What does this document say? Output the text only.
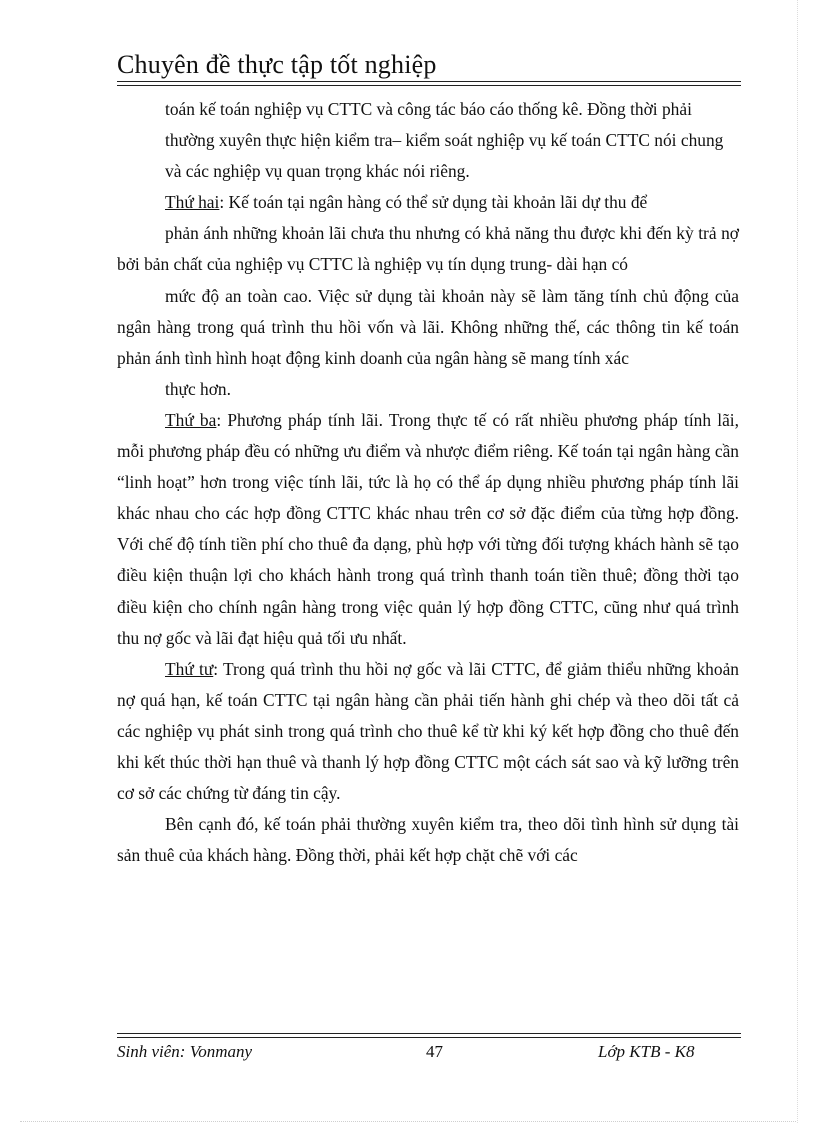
Chuyên đề thực tập tốt nghiệp

toán kế toán nghiệp vụ CTTC và công tác báo cáo thống kê. Đồng thời phải

thường xuyên thực hiện kiểm tra– kiểm soát nghiệp vụ kế toán CTTC nói chung

và các nghiệp vụ quan trọng khác nói riêng.

Thứ hai: Kế toán tại ngân hàng có thể sử dụng tài khoản lãi dự thu để

phản ánh những khoản lãi chưa thu nhưng có khả năng thu được khi đến kỳ trả nợ bởi bản chất của nghiệp vụ CTTC là nghiệp vụ tín dụng trung- dài hạn có

mức độ an toàn cao. Việc sử dụng tài khoản này sẽ làm tăng tính chủ động của ngân hàng trong quá trình thu hồi vốn và lãi. Không những thế, các thông tin kế toán phản ánh tình hình hoạt động kinh doanh của ngân hàng sẽ mang tính xác

thực hơn.

Thứ ba: Phương pháp tính lãi. Trong thực tế có rất nhiều phương pháp tính lãi, mỗi phương pháp đều có những ưu điểm và nhược điểm riêng. Kế toán tại ngân hàng cần “linh hoạt” hơn trong việc tính lãi, tức là họ có thể áp dụng nhiều phương pháp tính lãi khác nhau cho các hợp đồng CTTC khác nhau trên cơ sở đặc điểm của từng hợp đồng. Với chế độ tính tiền phí cho thuê đa dạng, phù hợp với từng đối tượng khách hành sẽ tạo điều kiện thuận lợi cho khách hành trong quá trình thanh toán tiền thuê; đồng thời tạo điều kiện cho chính ngân hàng trong việc quản lý hợp đồng CTTC, cũng như quá trình thu nợ gốc và lãi đạt hiệu quả tối ưu nhất.

Thứ tư: Trong quá trình thu hồi nợ gốc và lãi CTTC, để giảm thiểu những khoản nợ quá hạn, kế toán CTTC tại ngân hàng cần phải tiến hành ghi chép và theo dõi tất cả các nghiệp vụ phát sinh trong quá trình cho thuê kể từ khi ký kết hợp đồng cho thuê đến khi kết thúc thời hạn thuê và thanh lý hợp đồng CTTC một cách sát sao và kỹ lưỡng trên cơ sở các chứng từ đáng tin cậy.

Bên cạnh đó, kế toán phải thường xuyên kiểm tra, theo dõi tình hình sử dụng tài sản thuê của khách hàng. Đồng thời, phải kết hợp chặt chẽ với các

Sinh viên: Vonmany	47	Lớp KTB - K8
